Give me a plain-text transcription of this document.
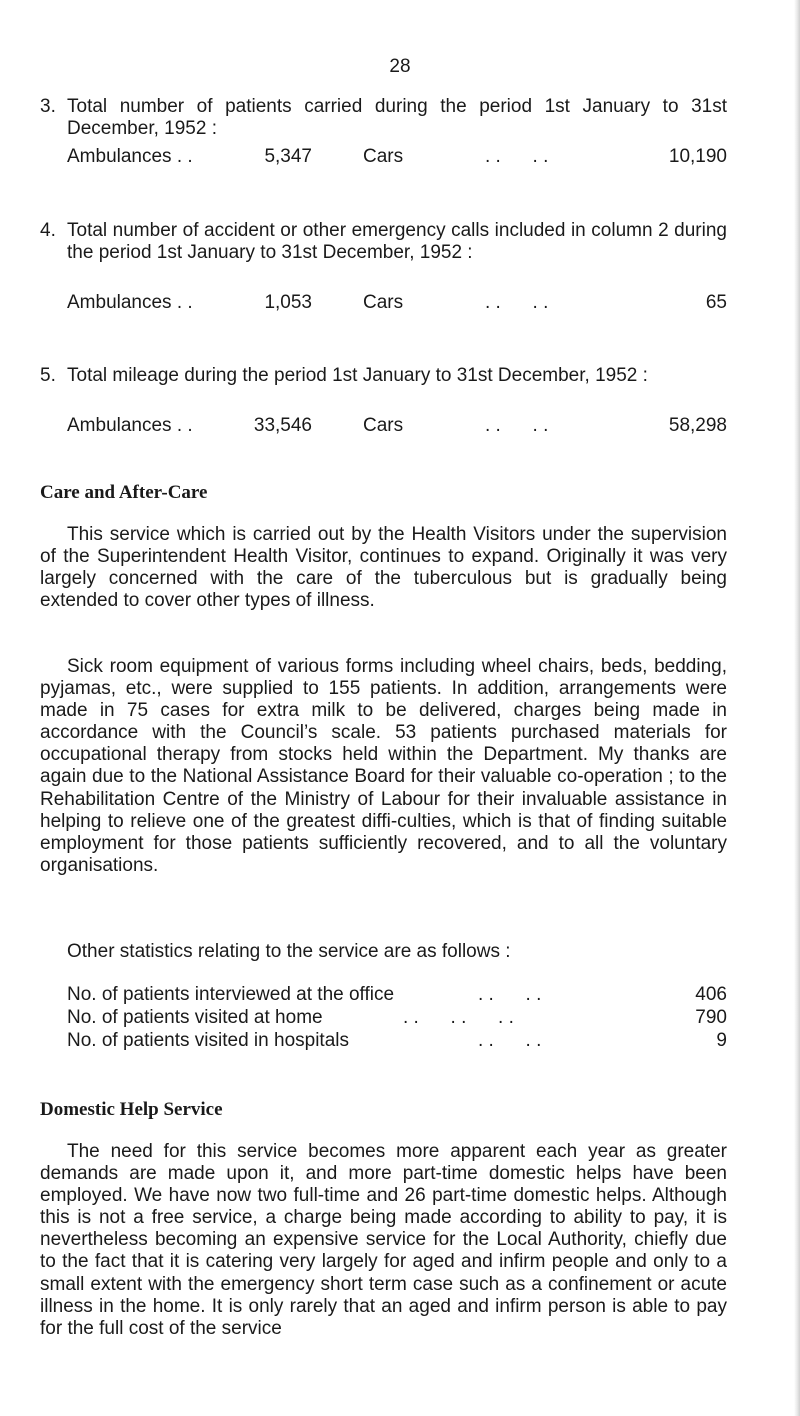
28
3. Total number of patients carried during the period 1st January to 31st December, 1952 :
Ambulances . .	5,347	Cars	. .      . .	10,190
4. Total number of accident or other emergency calls included in column 2 during the period 1st January to 31st December, 1952 :
Ambulances . .	1,053	Cars	. .      . .	65
5. Total mileage during the period 1st January to 31st December, 1952 :
Ambulances . .	33,546	Cars	. .      . .	58,298
Care and After-Care

This service which is carried out by the Health Visitors under the supervision of the Superintendent Health Visitor, continues to expand. Originally it was very largely concerned with the care of the tuberculous but is gradually being extended to cover other types of illness.

Sick room equipment of various forms including wheel chairs, beds, bedding, pyjamas, etc., were supplied to 155 patients. In addition, arrangements were made in 75 cases for extra milk to be delivered, charges being made in accordance with the Council’s scale. 53 patients purchased materials for occupational therapy from stocks held within the Department. My thanks are again due to the National Assistance Board for their valuable co-operation ; to the Rehabilitation Centre of the Ministry of Labour for their invaluable assistance in helping to relieve one of the greatest diffi-culties, which is that of finding suitable employment for those patients sufficiently recovered, and to all the voluntary organisations.

Other statistics relating to the service are as follows :

No. of patients interviewed at the office	. .      . .	406
No. of patients visited at home	. .      . .      . .	790
No. of patients visited in hospitals	. .      . .	9
Domestic Help Service

The need for this service becomes more apparent each year as greater demands are made upon it, and more part-time domestic helps have been employed. We have now two full-time and 26 part-time domestic helps. Although this is not a free service, a charge being made according to ability to pay, it is nevertheless becoming an expensive service for the Local Authority, chiefly due to the fact that it is catering very largely for aged and infirm people and only to a small extent with the emergency short term case such as a confinement or acute illness in the home. It is only rarely that an aged and infirm person is able to pay for the full cost of the service
